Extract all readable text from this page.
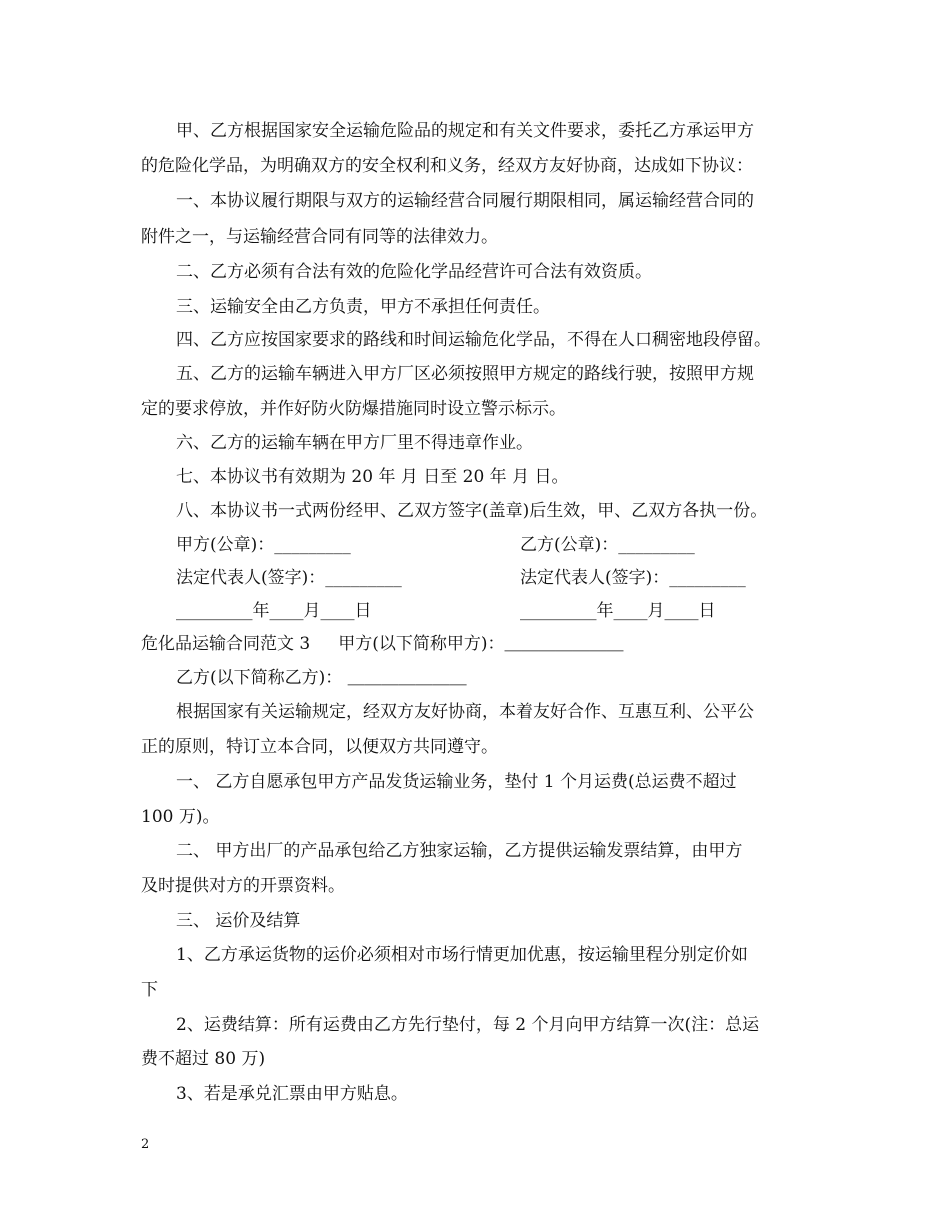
甲、乙方根据国家安全运输危险品的规定和有关文件要求，委托乙方承运甲方
的危险化学品，为明确双方的安全权利和义务，经双方友好协商，达成如下协议：
一、本协议履行期限与双方的运输经营合同履行期限相同，属运输经营合同的
附件之一，与运输经营合同有同等的法律效力。
二、乙方必须有合法有效的危险化学品经营许可合法有效资质。
三、运输安全由乙方负责，甲方不承担任何责任。
四、乙方应按国家要求的路线和时间运输危化学品，不得在人口稠密地段停留。
五、乙方的运输车辆进入甲方厂区必须按照甲方规定的路线行驶，按照甲方规
定的要求停放，并作好防火防爆措施同时设立警示标示。
六、乙方的运输车辆在甲方厂里不得违章作业。
七、本协议书有效期为 20 年 月 日至 20 年 月 日。
八、本协议书一式两份经甲、乙双方签字(盖章)后生效，甲、乙双方各执一份。
甲方(公章)：_________	乙方(公章)：_________
法定代表人(签字)：_________	法定代表人(签字)：_________
_________年____月____日	_________年____月____日
危化品运输合同范文 3 甲方(以下简称甲方)：＿＿＿＿＿＿＿
乙方(以下简称乙方)： ＿＿＿＿＿＿＿
根据国家有关运输规定，经双方友好协商，本着友好合作、互惠互利、公平公
正的原则，特订立本合同，以便双方共同遵守。
一、 乙方自愿承包甲方产品发货运输业务，垫付 1 个月运费(总运费不超过
100 万)。
二、 甲方出厂的产品承包给乙方独家运输，乙方提供运输发票结算，由甲方
及时提供对方的开票资料。
三、 运价及结算
1、乙方承运货物的运价必须相对市场行情更加优惠，按运输里程分别定价如
下
2、运费结算：所有运费由乙方先行垫付，每 2 个月向甲方结算一次(注：总运
费不超过 80 万)
3、若是承兑汇票由甲方贴息。
2
